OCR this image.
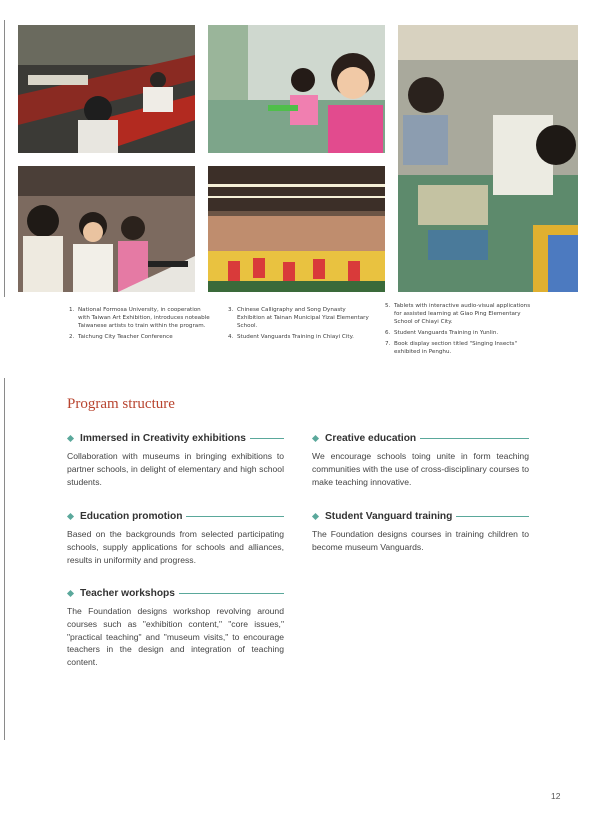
1. National Formosa University, in cooperation with Taiwan Art Exhibition, introduces noteable Taiwanese artists to train within the program.
2. Taichung City Teacher Conference
3. Chinese Calligraphy and Song Dynasty Exhibition at Tainan Municipal Yizai Elementary School.
4. Student Vanguards Training in Chiayi City.
5. Tablets with interactive audio-visual applications for assisted learning at Giao Ping Elementary School of Chiayi City.
6. Student Vanguards Training in Yunlin.
7. Book display section titled "Singing Insects" exhibited in Penghu.
Program structure
Immersed in Creativity exhibitions
Collaboration with museums in bringing exhibitions to partner schools, in delight of elementary and high school students.
Creative education
We encourage schools toing unite in form teaching communities with the use of cross-disciplinary courses to make teaching innovative.
Education promotion
Based on the backgrounds from selected participating schools, supply applications for schools and alliances, results in uniformity and progress.
Student Vanguard training
The Foundation designs courses in training children to become museum Vanguards.
Teacher workshops
The Foundation designs workshop revolving around courses such as "exhibition content," "core issues," "practical teaching" and "museum visits," to encourage teachers in the design and integration of teaching content.
12
